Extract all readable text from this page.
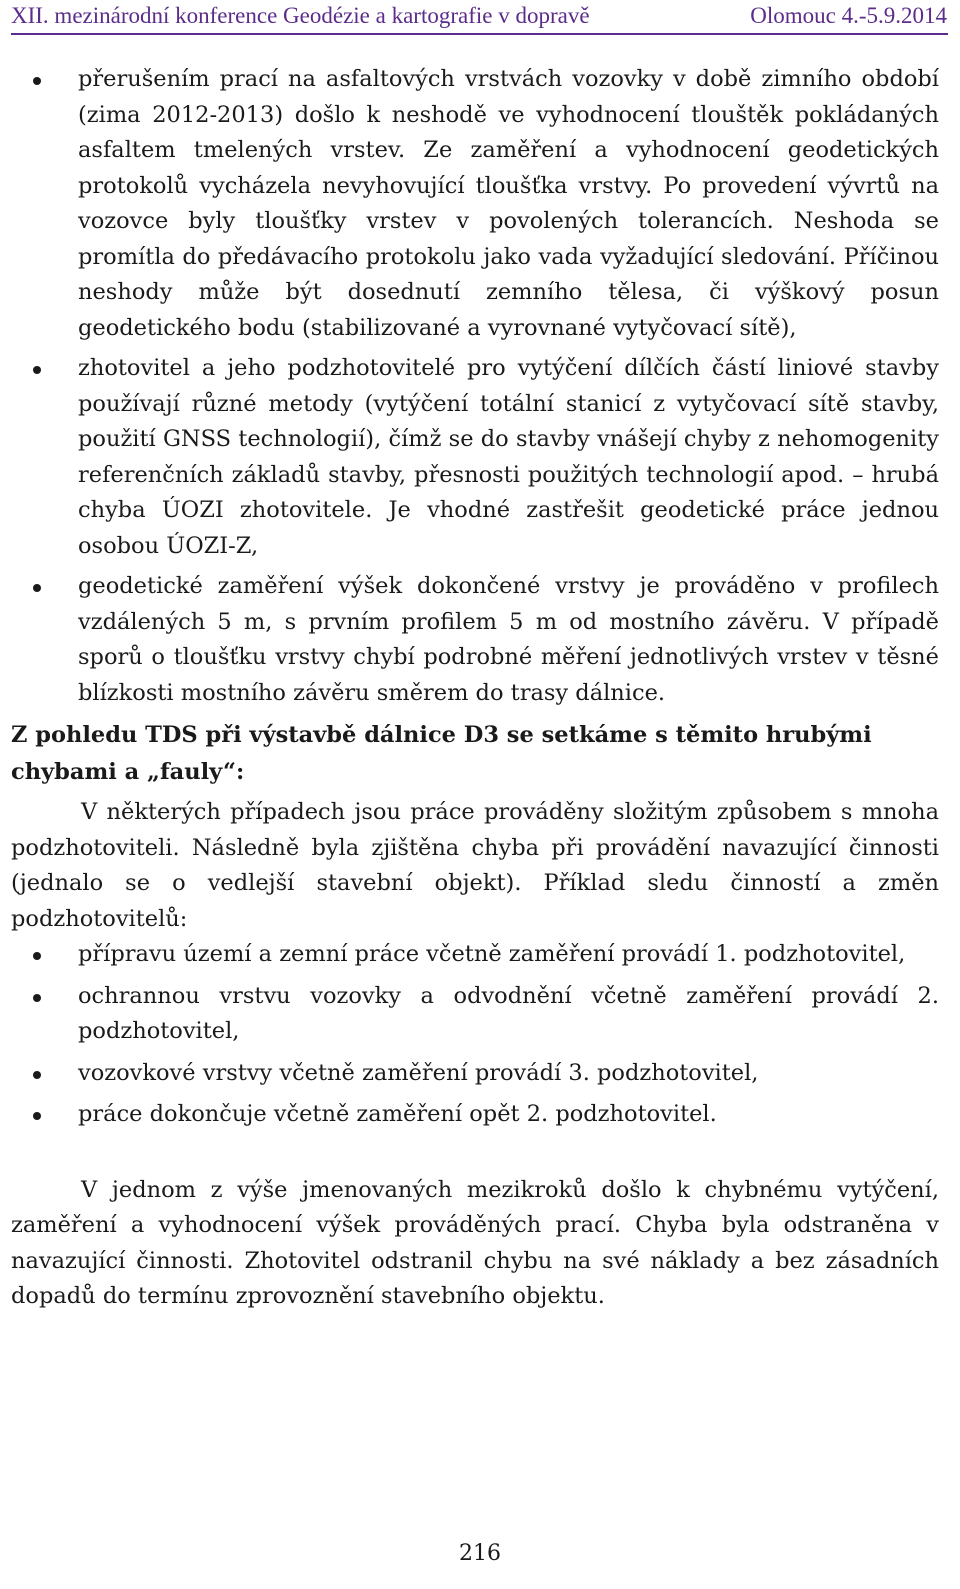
XII. mezinárodní konference Geodézie a kartografie v dopravě	Olomouc 4.-5.9.2014
přerušením prací na asfaltových vrstvách vozovky v době zimního období (zima 2012-2013) došlo k neshodě ve vyhodnocení tlouštěk pokládaných asfaltem tmelených vrstev. Ze zaměření a vyhodnocení geodetických protokolů vycházela nevyhovující tloušťka vrstvy. Po provedení vývrtů na vozovce byly tloušťky vrstev v povolených tolerancích. Neshoda se promítla do předávacího protokolu jako vada vyžadující sledování. Příčinou neshody může být dosednutí zemního tělesa, či výškový posun geodetického bodu (stabilizované a vyrovnané vytyčovací sítě),
zhotovitel a jeho podzhotovitelé pro vytýčení dílčích částí liniové stavby používají různé metody (vytýčení totální stanicí z vytyčovací sítě stavby, použití GNSS technologií), čímž se do stavby vnášejí chyby z nehomogenity referenčních základů stavby, přesnosti použitých technologií apod. – hrubá chyba ÚOZI zhotovitele. Je vhodné zastřešit geodetické práce jednou osobou ÚOZI-Z,
geodetické zaměření výšek dokončené vrstvy je prováděno v profilech vzdálených 5 m, s prvním profilem 5 m od mostního závěru. V případě sporů o tloušťku vrstvy chybí podrobné měření jednotlivých vrstev v těsné blízkosti mostního závěru směrem do trasy dálnice.
Z pohledu TDS při výstavbě dálnice D3 se setkáme s těmito hrubými chybami a „fauly“:
V některých případech jsou práce prováděny složitým způsobem s mnoha podzhotoviteli. Následně byla zjištěna chyba při provádění navazující činnosti (jednalo se o vedlejší stavební objekt). Příklad sledu činností a změn podzhotovitelů:
přípravu území a zemní práce včetně zaměření provádí 1. podzhotovitel,
ochrannou vrstvu vozovky a odvodnění včetně zaměření provádí 2. podzhotovitel,
vozovkové vrstvy včetně zaměření provádí 3. podzhotovitel,
práce dokončuje včetně zaměření opět 2. podzhotovitel.
V jednom z výše jmenovaných mezikroků došlo k chybnému vytýčení, zaměření a vyhodnocení výšek prováděných prací. Chyba byla odstraněna v navazující činnosti. Zhotovitel odstranil chybu na své náklady a bez zásadních dopadů do termínu zprovoznění stavebního objektu.
216
